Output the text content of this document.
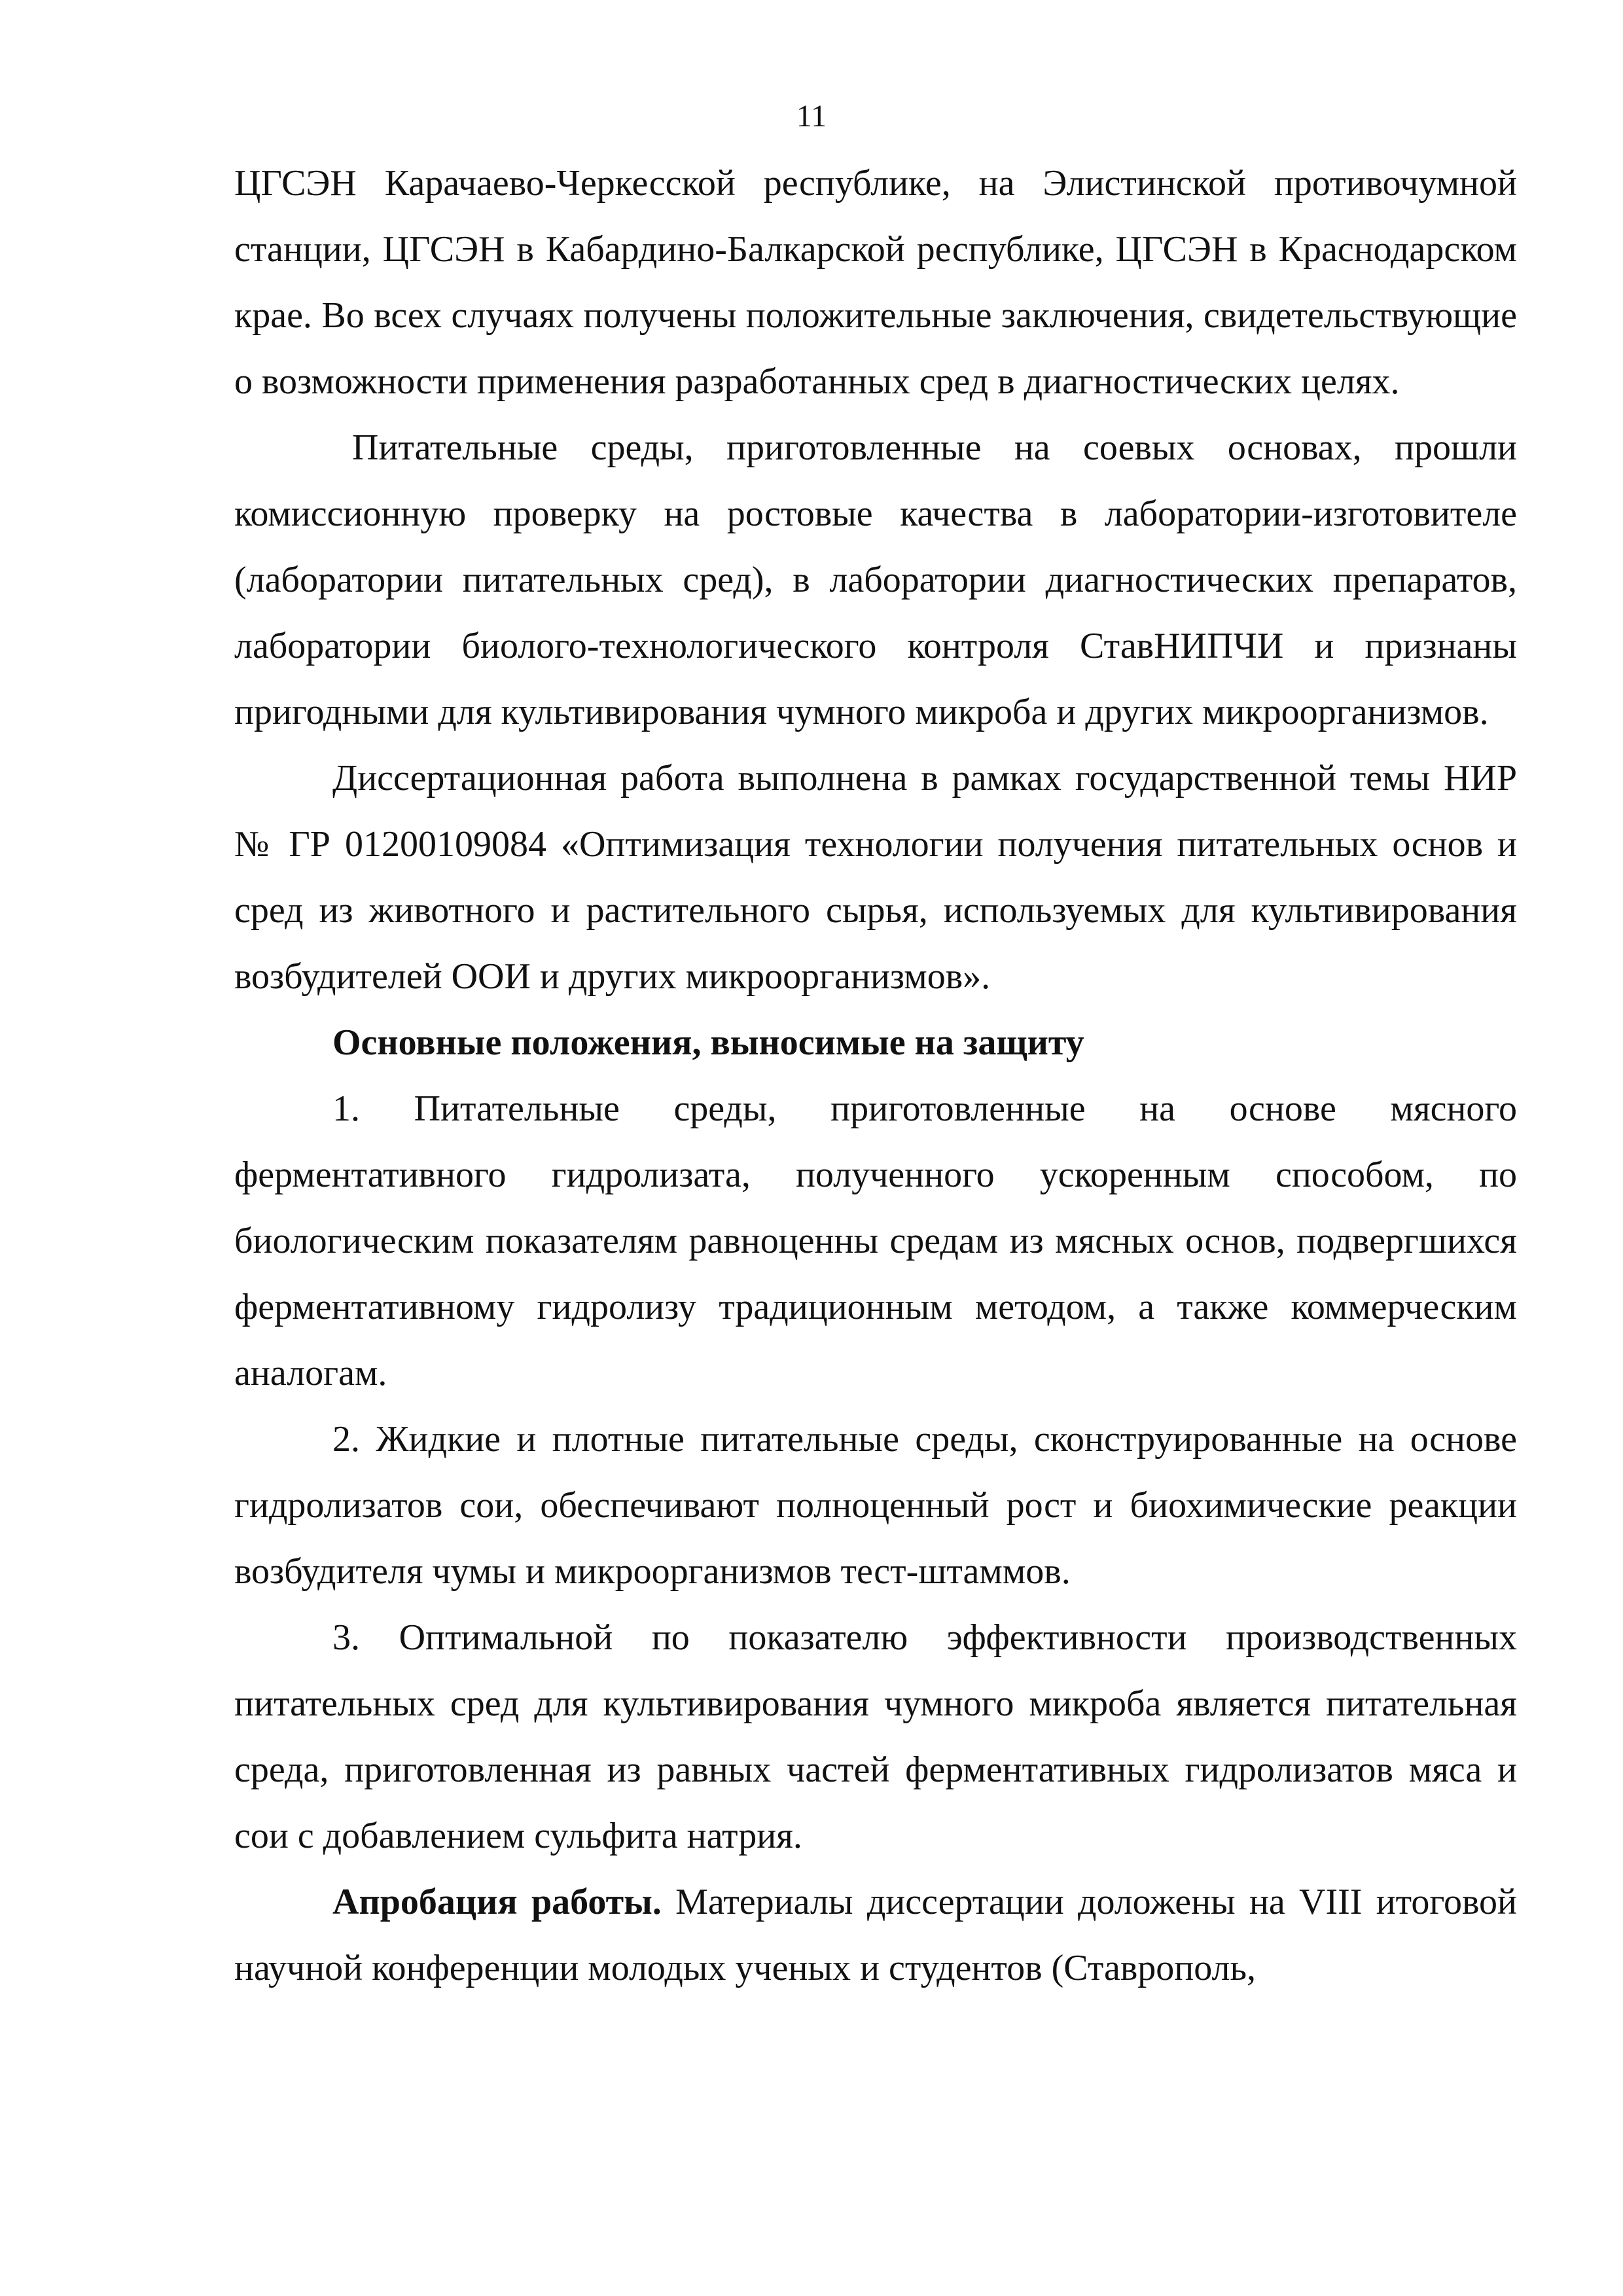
11

ЦГСЭН Карачаево-Черкесской республике, на Элистинской противочумной станции, ЦГСЭН в Кабардино-Балкарской республике, ЦГСЭН в Краснодарском крае. Во всех случаях получены положительные заключения, свидетельствующие о возможности применения разработанных сред в диагностических целях.

Питательные среды, приготовленные на соевых основах, прошли комиссионную проверку на ростовые качества в лаборатории-изготовителе (лаборатории питательных сред), в лаборатории диагностических препаратов, лаборатории биолого-технологического контроля СтавНИПЧИ и признаны пригодными для культивирования чумного микроба и других микроорганизмов.

Диссертационная работа выполнена в рамках государственной темы НИР № ГР 01200109084 «Оптимизация технологии получения питательных основ и сред из животного и растительного сырья, используемых для культивирования возбудителей ООИ и других микроорганизмов».

Основные положения, выносимые на защиту

1. Питательные среды, приготовленные на основе мясного ферментативного гидролизата, полученного ускоренным способом, по биологическим показателям равноценны средам из мясных основ, подвергшихся ферментативному гидролизу традиционным методом, а также коммерческим аналогам.

2. Жидкие и плотные питательные среды, сконструированные на основе гидролизатов сои, обеспечивают полноценный рост и биохимические реакции возбудителя чумы и микроорганизмов тест-штаммов.

3. Оптимальной по показателю эффективности производственных питательных сред для культивирования чумного микроба является питательная среда, приготовленная из равных частей ферментативных гидролизатов мяса и сои с добавлением сульфита натрия.

Апробация работы. Материалы диссертации доложены на VIII итоговой научной конференции молодых ученых и студентов (Ставрополь,
